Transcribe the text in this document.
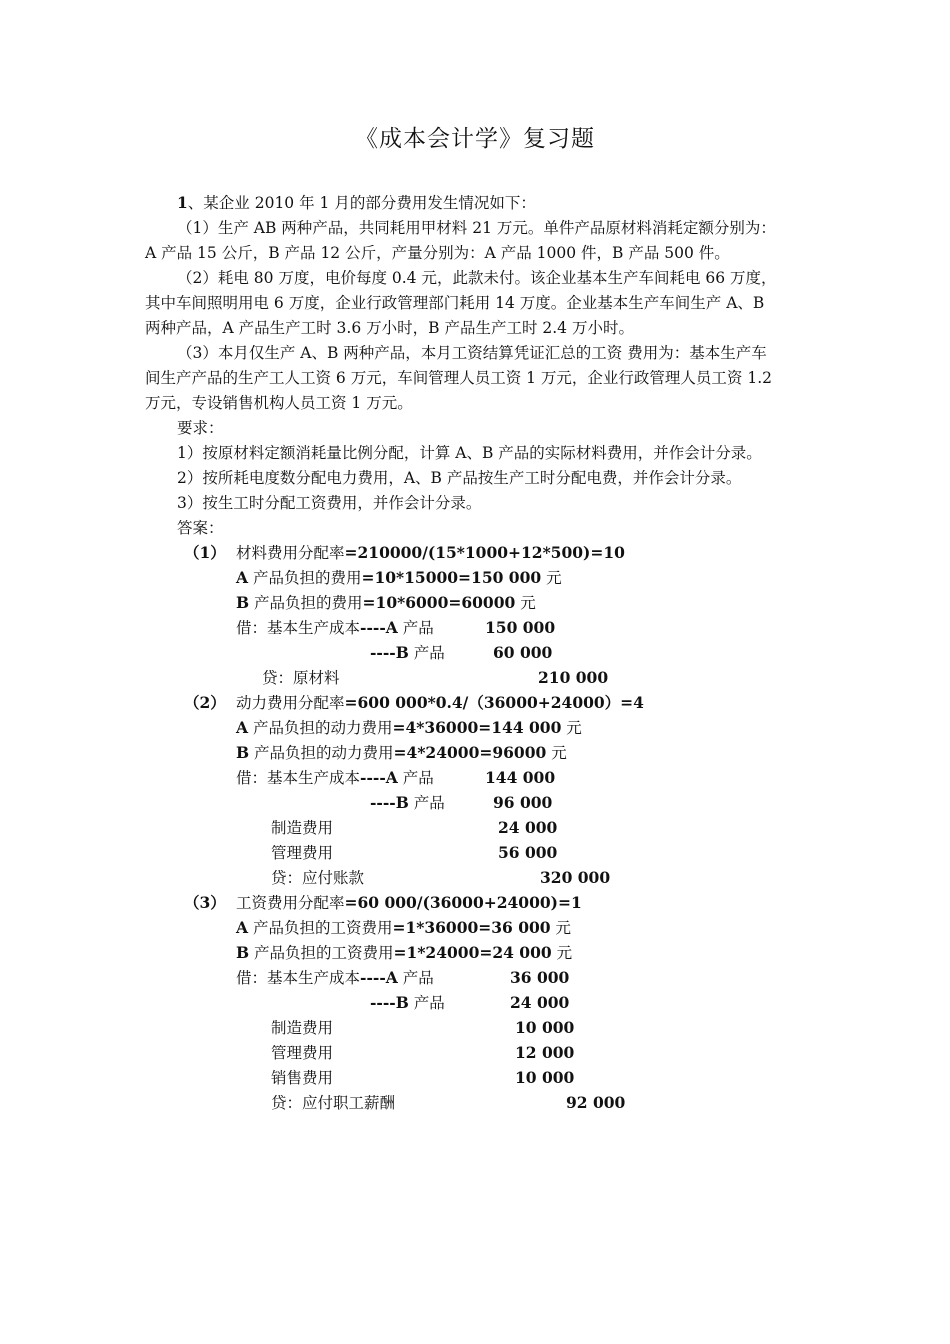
《成本会计学》复习题
1、某企业 2010 年 1 月的部分费用发生情况如下：
（1）生产 AB 两种产品，共同耗用甲材料 21 万元。单件产品原材料消耗定额分别为：
A 产品 15 公斤，B 产品 12 公斤，产量分别为：A 产品 1000 件，B 产品 500 件。
（2）耗电 80 万度，电价每度 0.4 元，此款未付。该企业基本生产车间耗电 66 万度，
其中车间照明用电 6 万度，企业行政管理部门耗用 14 万度。企业基本生产车间生产 A、B
两种产品，A 产品生产工时 3.6 万小时，B 产品生产工时 2.4 万小时。
（3）本月仅生产 A、B 两种产品，本月工资结算凭证汇总的工资 费用为：基本生产车
间生产产品的生产工人工资 6 万元，车间管理人员工资 1 万元，企业行政管理人员工资 1.2
万元，专设销售机构人员工资 1 万元。
要求：
1）按原材料定额消耗量比例分配，计算 A、B 产品的实际材料费用，并作会计分录。
2）按所耗电度数分配电力费用，A、B 产品按生产工时分配电费，并作会计分录。
3）按生工时分配工资费用，并作会计分录。
答案：
（1） 材料费用分配率=210000/(15*1000+12*500)=10
A 产品负担的费用=10*15000=150 000 元
B 产品负担的费用=10*6000=60000 元
借：基本生产成本----A 产品	150 000
----B 产品	60 000
贷：原材料	210 000
（2） 动力费用分配率=600 000*0.4/（36000+24000）=4
A 产品负担的动力费用=4*36000=144 000 元
B 产品负担的动力费用=4*24000=96000 元
借：基本生产成本----A 产品	144 000
----B 产品	96 000
制造费用	24 000
管理费用	56 000
贷：应付账款	320 000
（3） 工资费用分配率=60 000/(36000+24000)=1
A 产品负担的工资费用=1*36000=36 000 元
B 产品负担的工资费用=1*24000=24 000 元
借：基本生产成本----A 产品	36 000
----B 产品	24 000
制造费用	10 000
管理费用	12 000
销售费用	10 000
贷：应付职工薪酬	92 000
